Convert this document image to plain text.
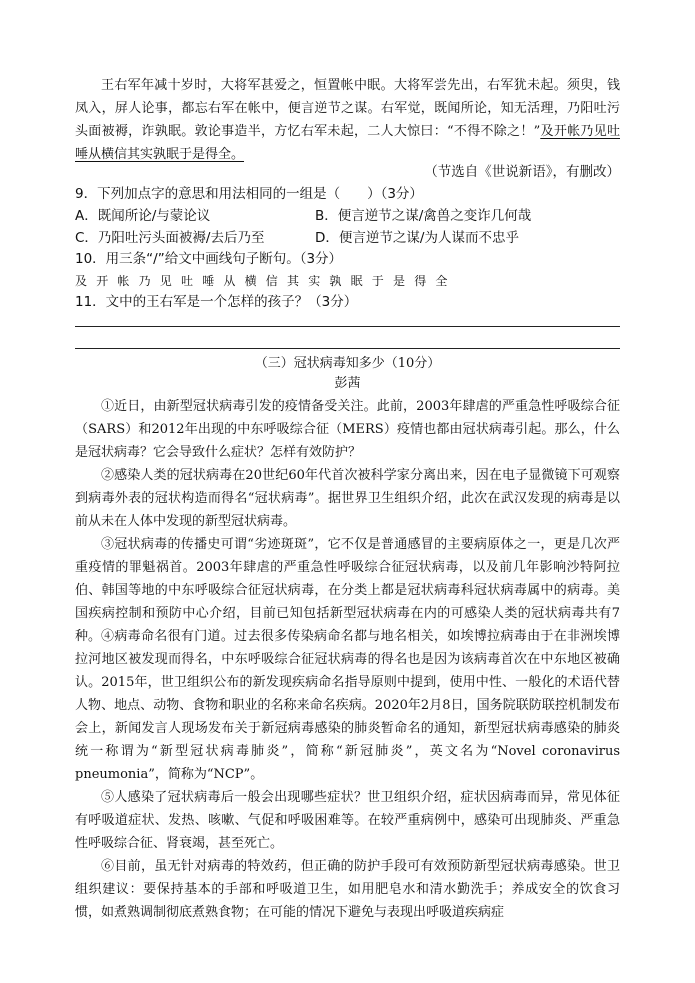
王右军年减十岁时，大将军甚爱之，恒置帐中眠。大将军尝先出，右军犹未起。须臾，钱凤入，屏人论事，都忘右军在帐中，便言逆节之谋。右军觉，既闻所论，知无活理，乃阳吐污头面被褥，诈孰眠。敦论事造半，方忆右军未起，二人大惊曰：“不得不除之！”及开帐乃见吐唾从横信其实孰眠于是得全。

（节选自《世说新语》，有删改）

9．下列加点字的意思和用法相同的一组是（　　）（3分）

A．既闻所论/与蒙论议	B．便言逆节之谋/禽兽之变诈几何哉

C．乃阳吐污头面被褥/去后乃至	D．便言逆节之谋/为人谋而不忠乎

10．用三条“/”给文中画线句子断句。（3分）

及开帐乃见吐唾从横信其实孰眠于是得全

11．文中的王右军是一个怎样的孩子？（3分）

（三）冠状病毒知多少（10分）

彭茜

①近日，由新型冠状病毒引发的疫情备受关注。此前，2003年肆虐的严重急性呼吸综合征（SARS）和2012年出现的中东呼吸综合征（MERS）疫情也都由冠状病毒引起。那么，什么是冠状病毒？它会导致什么症状？怎样有效防护？

②感染人类的冠状病毒在20世纪60年代首次被科学家分离出来，因在电子显微镜下可观察到病毒外表的冠状构造而得名“冠状病毒”。据世界卫生组织介绍，此次在武汉发现的病毒是以前从未在人体中发现的新型冠状病毒。

③冠状病毒的传播史可谓“劣迹斑斑”，它不仅是普通感冒的主要病原体之一，更是几次严重疫情的罪魁祸首。2003年肆虐的严重急性呼吸综合征冠状病毒，以及前几年影响沙特阿拉伯、韩国等地的中东呼吸综合征冠状病毒，在分类上都是冠状病毒科冠状病毒属中的病毒。美国疾病控制和预防中心介绍，目前已知包括新型冠状病毒在内的可感染人类的冠状病毒共有7种。 ④病毒命名很有门道。过去很多传染病命名都与地名相关，如埃博拉病毒由于在非洲埃博拉河地区被发现而得名，中东呼吸综合征冠状病毒的得名也是因为该病毒首次在中东地区被确认。2015年，世卫组织公布的新发现疾病命名指导原则中提到，使用中性、一般化的术语代替人物、地点、动物、食物和职业的名称来命名疾病。2020年2月8日，国务院联防联控机制发布会上，新闻发言人现场发布关于新冠病毒感染的肺炎暂命名的通知，新型冠状病毒感染的肺炎统一称谓为“新型冠状病毒肺炎”，简称“新冠肺炎”，英文名为“Novel coronavirus pneumonia”，简称为“NCP”。

⑤人感染了冠状病毒后一般会出现哪些症状？世卫组织介绍，症状因病毒而异，常见体征有呼吸道症状、发热、咳嗽、气促和呼吸困难等。在较严重病例中，感染可出现肺炎、严重急性呼吸综合征、肾衰竭，甚至死亡。

⑥目前，虽无针对病毒的特效药，但正确的防护手段可有效预防新型冠状病毒感染。世卫组织建议：要保持基本的手部和呼吸道卫生，如用肥皂水和清水勤洗手；养成安全的饮食习惯，如煮熟调制彻底煮熟食物；在可能的情况下避免与表现出呼吸道疾病症
